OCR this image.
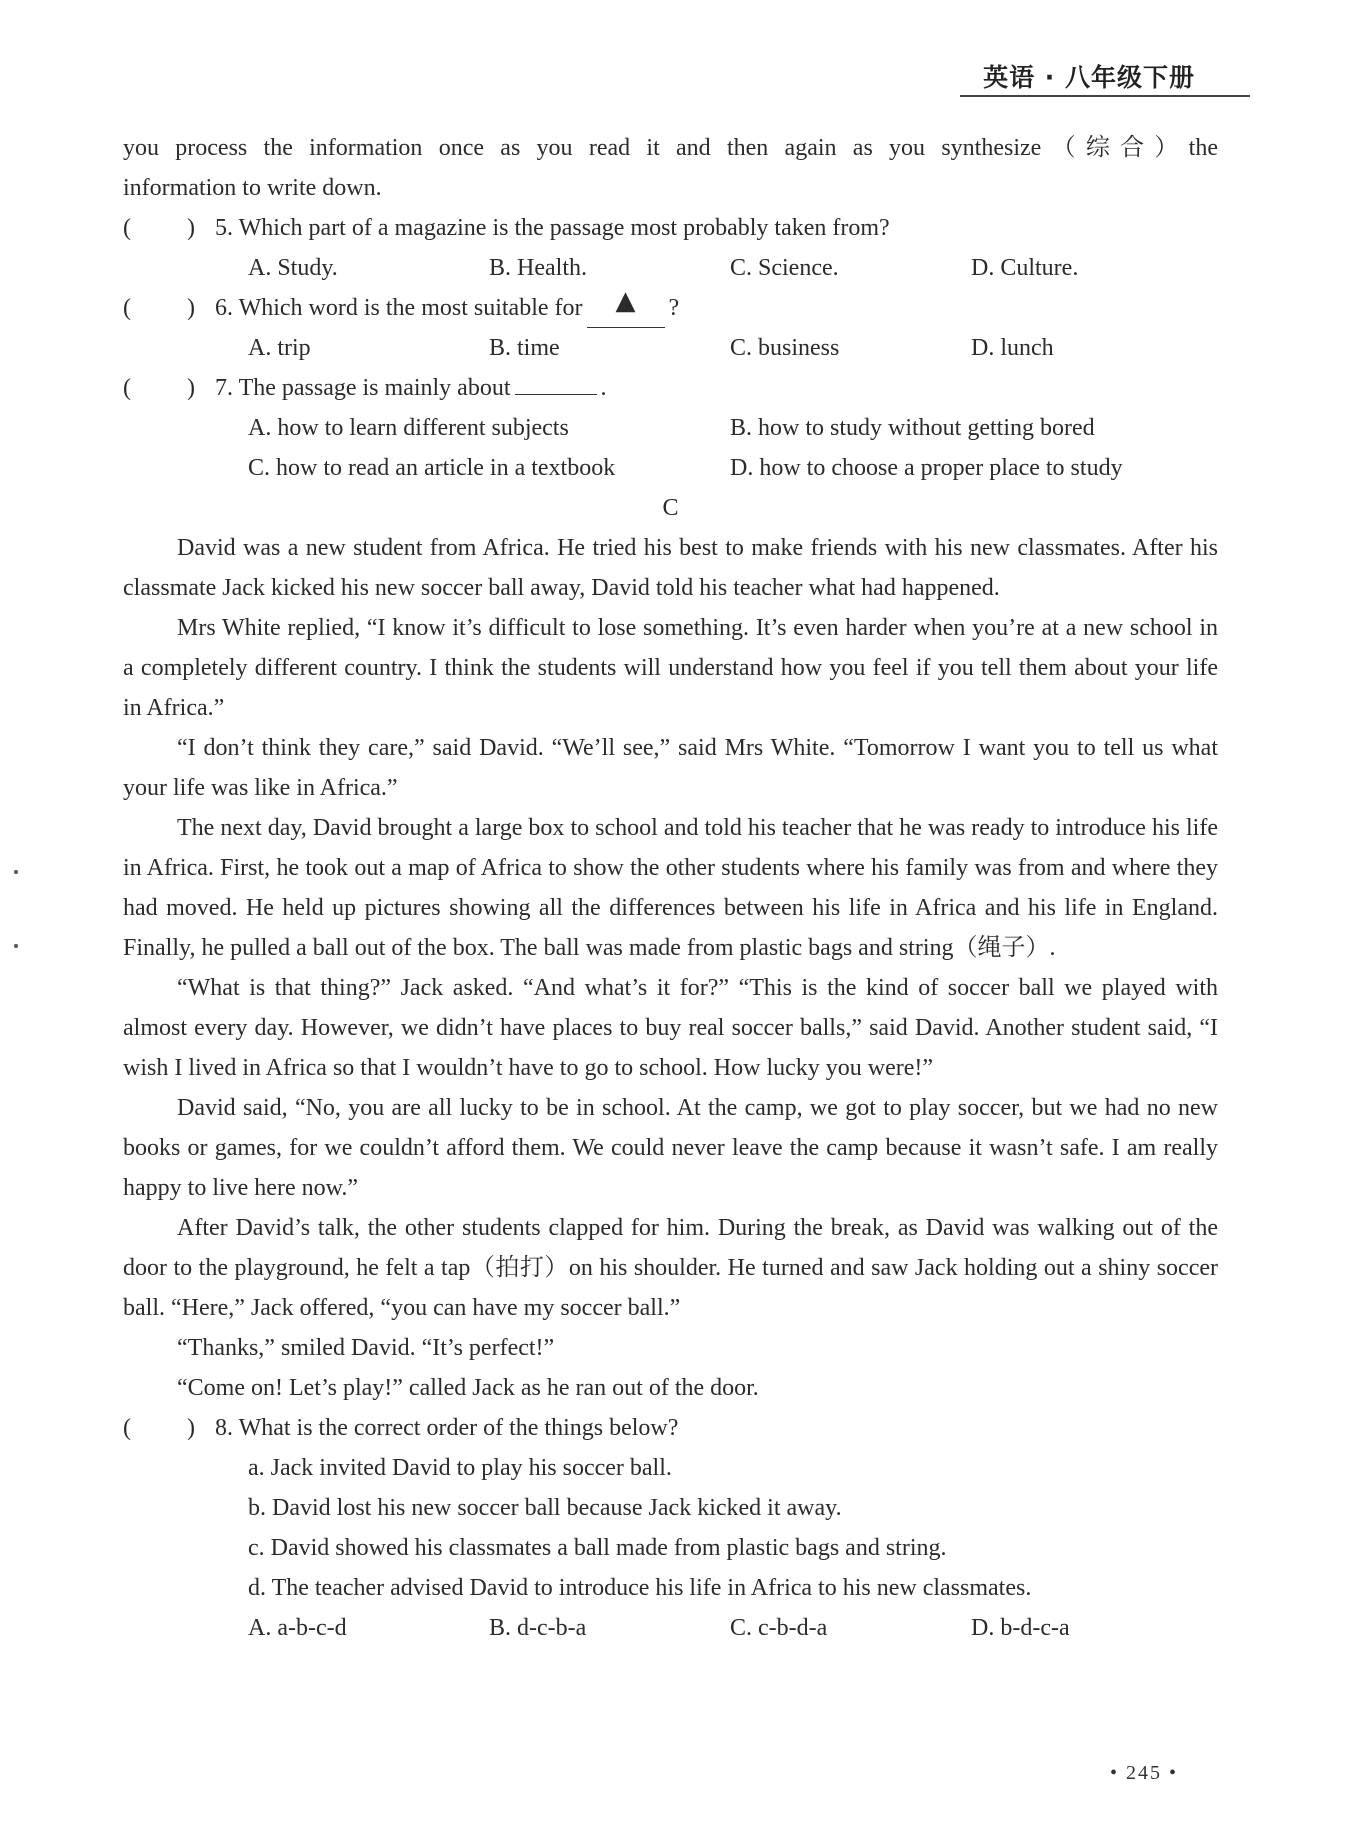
英语 · 八年级下册

you process the information once as you read it and then again as you synthesize（综合）the

information to write down.

( ) 5. Which part of a magazine is the passage most probably taken from?
A. Study.	B. Health.	C. Science.	D. Culture.
( ) 6. Which word is the most suitable for	▲	?
A. trip	B. time	C. business	D. lunch
( ) 7. The passage is mainly about	.
A. how to learn different subjects	B. how to study without getting bored
C. how to read an article in a textbook	D. how to choose a proper place to study
C

David was a new student from Africa. He tried his best to make friends with his new classmates. After his classmate Jack kicked his new soccer ball away, David told his teacher what had happened.

Mrs White replied, “I know it’s difficult to lose something. It’s even harder when you’re at a new school in a completely different country. I think the students will understand how you feel if you tell them about your life in Africa.”

“I don’t think they care,” said David. “We’ll see,” said Mrs White. “Tomorrow I want you to tell us what your life was like in Africa.”

The next day, David brought a large box to school and told his teacher that he was ready to introduce his life in Africa. First, he took out a map of Africa to show the other students where his family was from and where they had moved. He held up pictures showing all the differences between his life in Africa and his life in England. Finally, he pulled a ball out of the box. The ball was made from plastic bags and string（绳子）.

“What is that thing?” Jack asked. “And what’s it for?” “This is the kind of soccer ball we played with almost every day. However, we didn’t have places to buy real soccer balls,” said David. Another student said, “I wish I lived in Africa so that I wouldn’t have to go to school. How lucky you were!”

David said, “No, you are all lucky to be in school. At the camp, we got to play soccer, but we had no new books or games, for we couldn’t afford them. We could never leave the camp because it wasn’t safe. I am really happy to live here now.”

After David’s talk, the other students clapped for him. During the break, as David was walking out of the door to the playground, he felt a tap（拍打）on his shoulder. He turned and saw Jack holding out a shiny soccer ball. “Here,” Jack offered, “you can have my soccer ball.”

“Thanks,” smiled David. “It’s perfect!”

“Come on! Let’s play!” called Jack as he ran out of the door.

( ) 8. What is the correct order of the things below?
a. Jack invited David to play his soccer ball.
b. David lost his new soccer ball because Jack kicked it away.
c. David showed his classmates a ball made from plastic bags and string.
d. The teacher advised David to introduce his life in Africa to his new classmates.
A. a-b-c-d	B. d-c-b-a	C. c-b-d-a	D. b-d-c-a
• 245 •
